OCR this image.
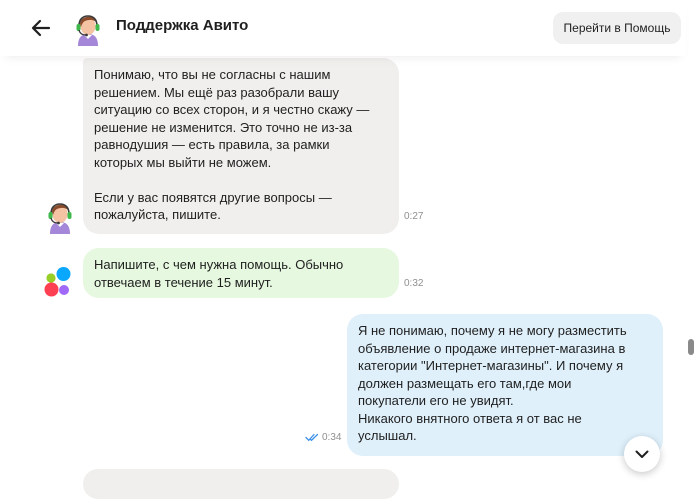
Поддержка Авито	Перейти в Помощь
Понимаю, что вы не согласны с нашим
решением. Мы ещё раз разобрали вашу
ситуацию со всех сторон, и я честно скажу —
решение не изменится. Это точно не из-за
равнодушия — есть правила, за рамки
которых мы выйти не можем.

Если у вас появятся другие вопросы —
пожалуйста, пишите.	0:27
Напишите, с чем нужна помощь. Обычно
отвечаем в течение 15 минут.	0:32
Я не понимаю, почему я не могу разместить
объявление о продаже интернет-магазина в
категории "Интернет-магазины". И почему я
должен размещать его там,где мои
покупатели его не увидят.
Никакого внятного ответа я от вас не
услышал.
0:34
